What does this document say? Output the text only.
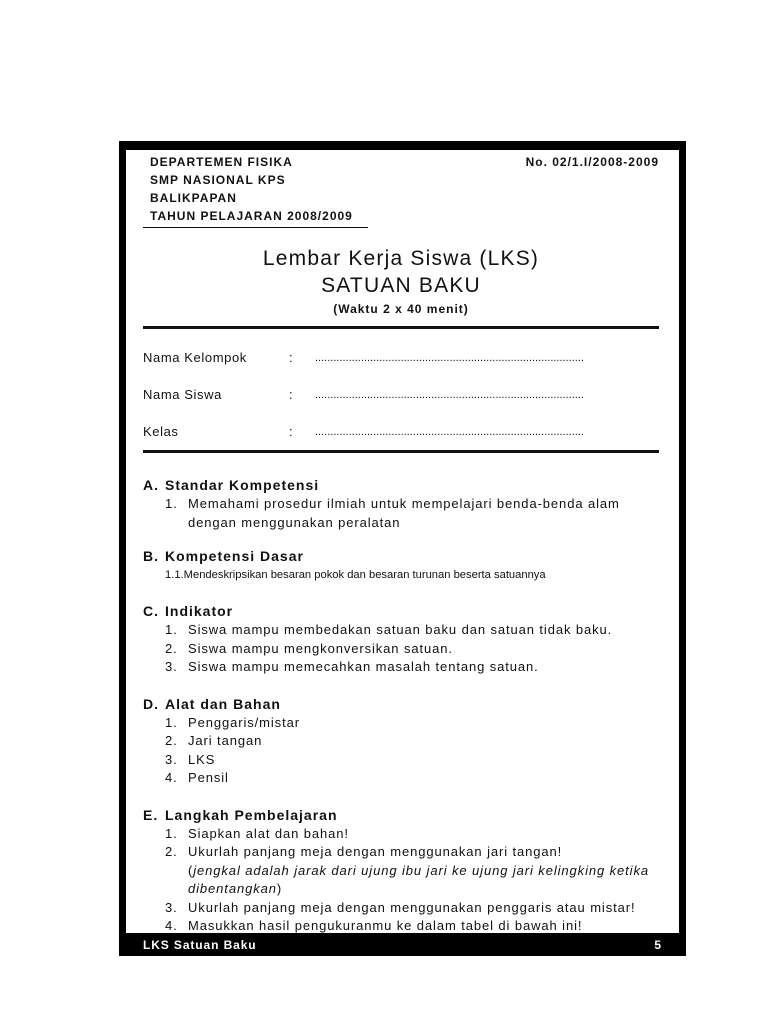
DEPARTEMEN FISIKA
SMP NASIONAL KPS BALIKPAPAN
TAHUN PELAJARAN 2008/2009
No. 02/1.I/2008-2009
Lembar Kerja Siswa (LKS)
SATUAN BAKU
(Waktu 2 x 40 menit)
Nama Kelompok	:	........................................................................................
Nama Siswa	:	........................................................................................
Kelas	:	........................................................................................
A. Standar Kompetensi
1. Memahami prosedur ilmiah untuk mempelajari benda-benda alam dengan menggunakan peralatan
B. Kompetensi Dasar
1.1.Mendeskripsikan besaran pokok dan besaran turunan beserta satuannya
C. Indikator
1. Siswa mampu membedakan satuan baku dan satuan tidak baku.
2. Siswa mampu mengkonversikan satuan.
3. Siswa mampu memecahkan masalah tentang satuan.
D. Alat dan Bahan
1. Penggaris/mistar
2. Jari tangan
3. LKS
4. Pensil
E. Langkah Pembelajaran
1. Siapkan alat dan bahan!
2. Ukurlah panjang meja dengan menggunakan jari tangan!
(jengkal adalah jarak dari ujung ibu jari ke ujung jari kelingking ketika dibentangkan)
3. Ukurlah panjang meja dengan menggunakan penggaris atau mistar!
4. Masukkan hasil pengukuranmu ke dalam tabel di bawah ini!
LKS Satuan Baku	5
